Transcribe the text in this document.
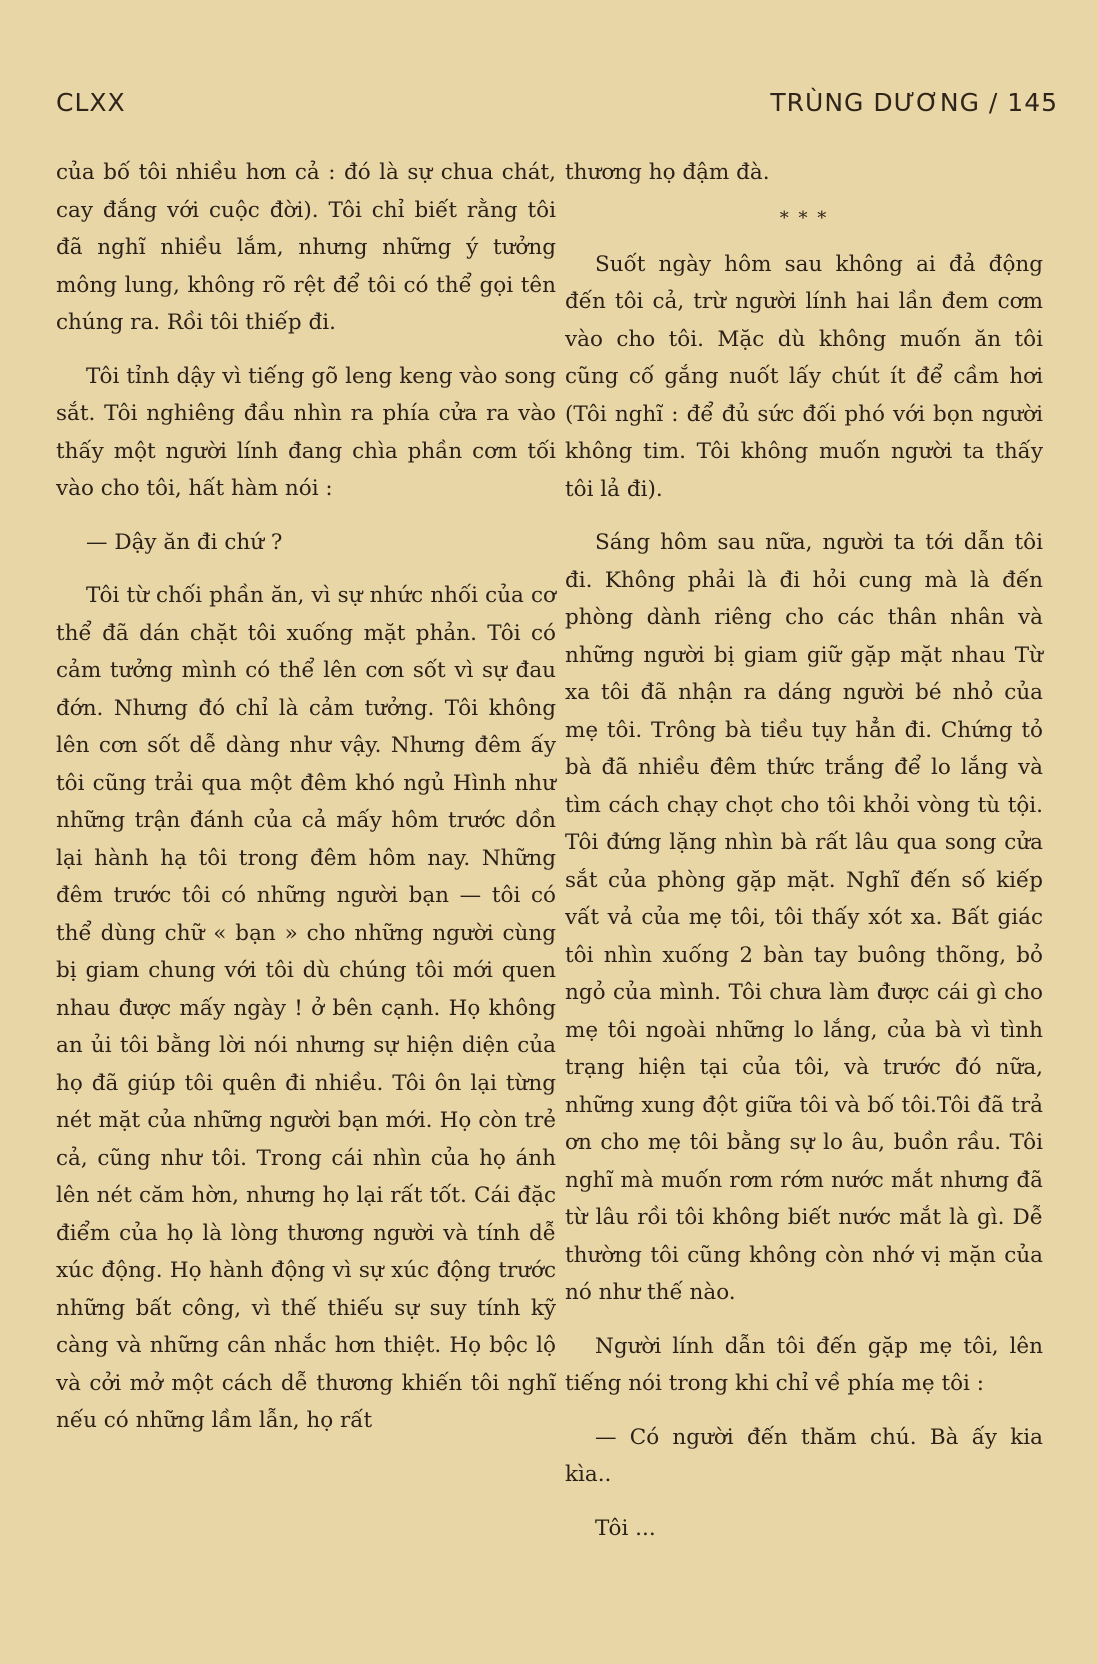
CLXX	TRÙNG DƯƠNG / 145

của bố tôi nhiều hơn cả : đó là sự chua chát, cay đắng với cuộc đời). Tôi chỉ biết rằng tôi đã nghĩ nhiều lắm, nhưng những ý tưởng mông lung, không rõ rệt để tôi có thể gọi tên chúng ra. Rồi tôi thiếp đi.

Tôi tỉnh dậy vì tiếng gõ leng keng vào song sắt. Tôi nghiêng đầu nhìn ra phía cửa ra vào thấy một người lính đang chìa phần cơm tối vào cho tôi, hất hàm nói :

— Dậy ăn đi chứ ?

Tôi từ chối phần ăn, vì sự nhức nhối của cơ thể đã dán chặt tôi xuống mặt phản. Tôi có cảm tưởng mình có thể lên cơn sốt vì sự đau đớn. Nhưng đó chỉ là cảm tưởng. Tôi không lên cơn sốt dễ dàng như vậy. Nhưng đêm ấy tôi cũng trải qua một đêm khó ngủ Hình như những trận đánh của cả mấy hôm trước dồn lại hành hạ tôi trong đêm hôm nay. Những đêm trước tôi có những người bạn — tôi có thể dùng chữ « bạn » cho những người cùng bị giam chung với tôi dù chúng tôi mới quen nhau được mấy ngày ! ở bên cạnh. Họ không an ủi tôi bằng lời nói nhưng sự hiện diện của họ đã giúp tôi quên đi nhiều. Tôi ôn lại từng nét mặt của những người bạn mới. Họ còn trẻ cả, cũng như tôi. Trong cái nhìn của họ ánh lên nét căm hờn, nhưng họ lại rất tốt. Cái đặc điểm của họ là lòng thương người và tính dễ xúc động. Họ hành động vì sự xúc động trước những bất công, vì thế thiếu sự suy tính kỹ càng và những cân nhắc hơn thiệt. Họ bộc lộ và cởi mở một cách dễ thương khiến tôi nghĩ nếu có những lầm lẫn, họ rất

thương họ đậm đà.

* * *

Suốt ngày hôm sau không ai đả động đến tôi cả, trừ người lính hai lần đem cơm vào cho tôi. Mặc dù không muốn ăn tôi cũng cố gắng nuốt lấy chút ít để cầm hơi (Tôi nghĩ : để đủ sức đối phó với bọn người không tim. Tôi không muốn người ta thấy tôi lả đi).

Sáng hôm sau nữa, người ta tới dẫn tôi đi. Không phải là đi hỏi cung mà là đến phòng dành riêng cho các thân nhân và những người bị giam giữ gặp mặt nhau Từ xa tôi đã nhận ra dáng người bé nhỏ của mẹ tôi. Trông bà tiều tụy hẳn đi. Chứng tỏ bà đã nhiều đêm thức trắng để lo lắng và tìm cách chạy chọt cho tôi khỏi vòng tù tội. Tôi đứng lặng nhìn bà rất lâu qua song cửa sắt của phòng gặp mặt. Nghĩ đến số kiếp vất vả của mẹ tôi, tôi thấy xót xa. Bất giác tôi nhìn xuống 2 bàn tay buông thõng, bỏ ngỏ của mình. Tôi chưa làm được cái gì cho mẹ tôi ngoài những lo lắng, của bà vì tình trạng hiện tại của tôi, và trước đó nữa, những xung đột giữa tôi và bố tôi.Tôi đã trả ơn cho mẹ tôi bằng sự lo âu, buồn rầu. Tôi nghĩ mà muốn rơm rớm nước mắt nhưng đã từ lâu rồi tôi không biết nước mắt là gì. Dễ thường tôi cũng không còn nhớ vị mặn của nó như thế nào.

Người lính dẫn tôi đến gặp mẹ tôi, lên tiếng nói trong khi chỉ về phía mẹ tôi :

— Có người đến thăm chú. Bà ấy kia kìa..

Tôi ...
